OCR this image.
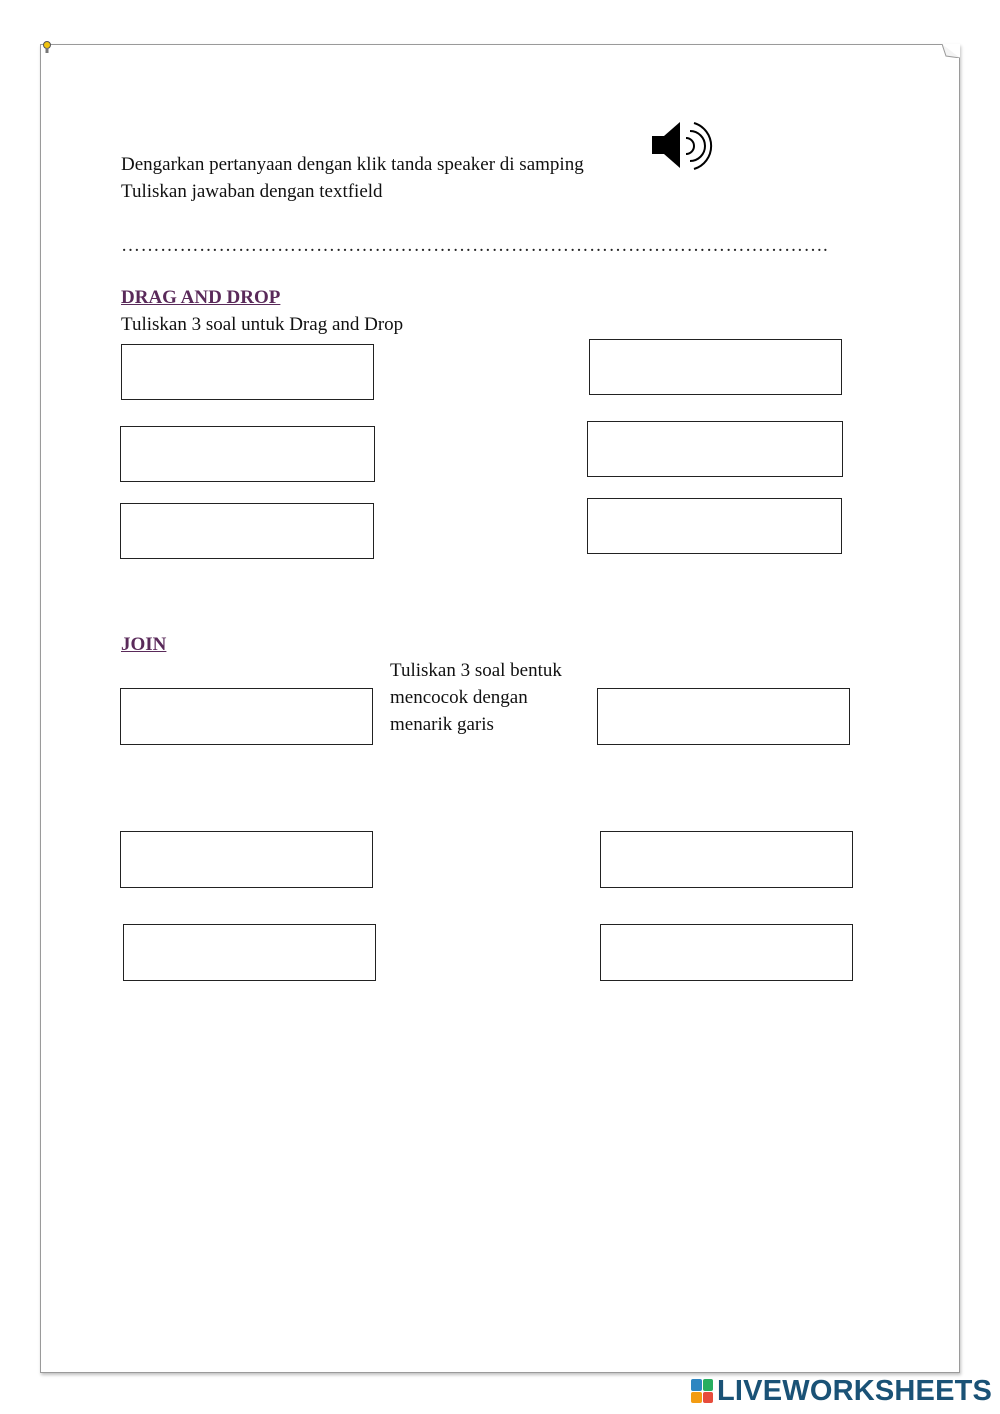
Dengarkan pertanyaan dengan klik tanda speaker di samping
Tuliskan jawaban dengan textfield
……………………………………………………………………………………………….
DRAG AND DROP
Tuliskan 3 soal untuk Drag and Drop
JOIN
Tuliskan 3 soal bentuk
mencocok dengan
menarik garis
LIVEWORKSHEETS
